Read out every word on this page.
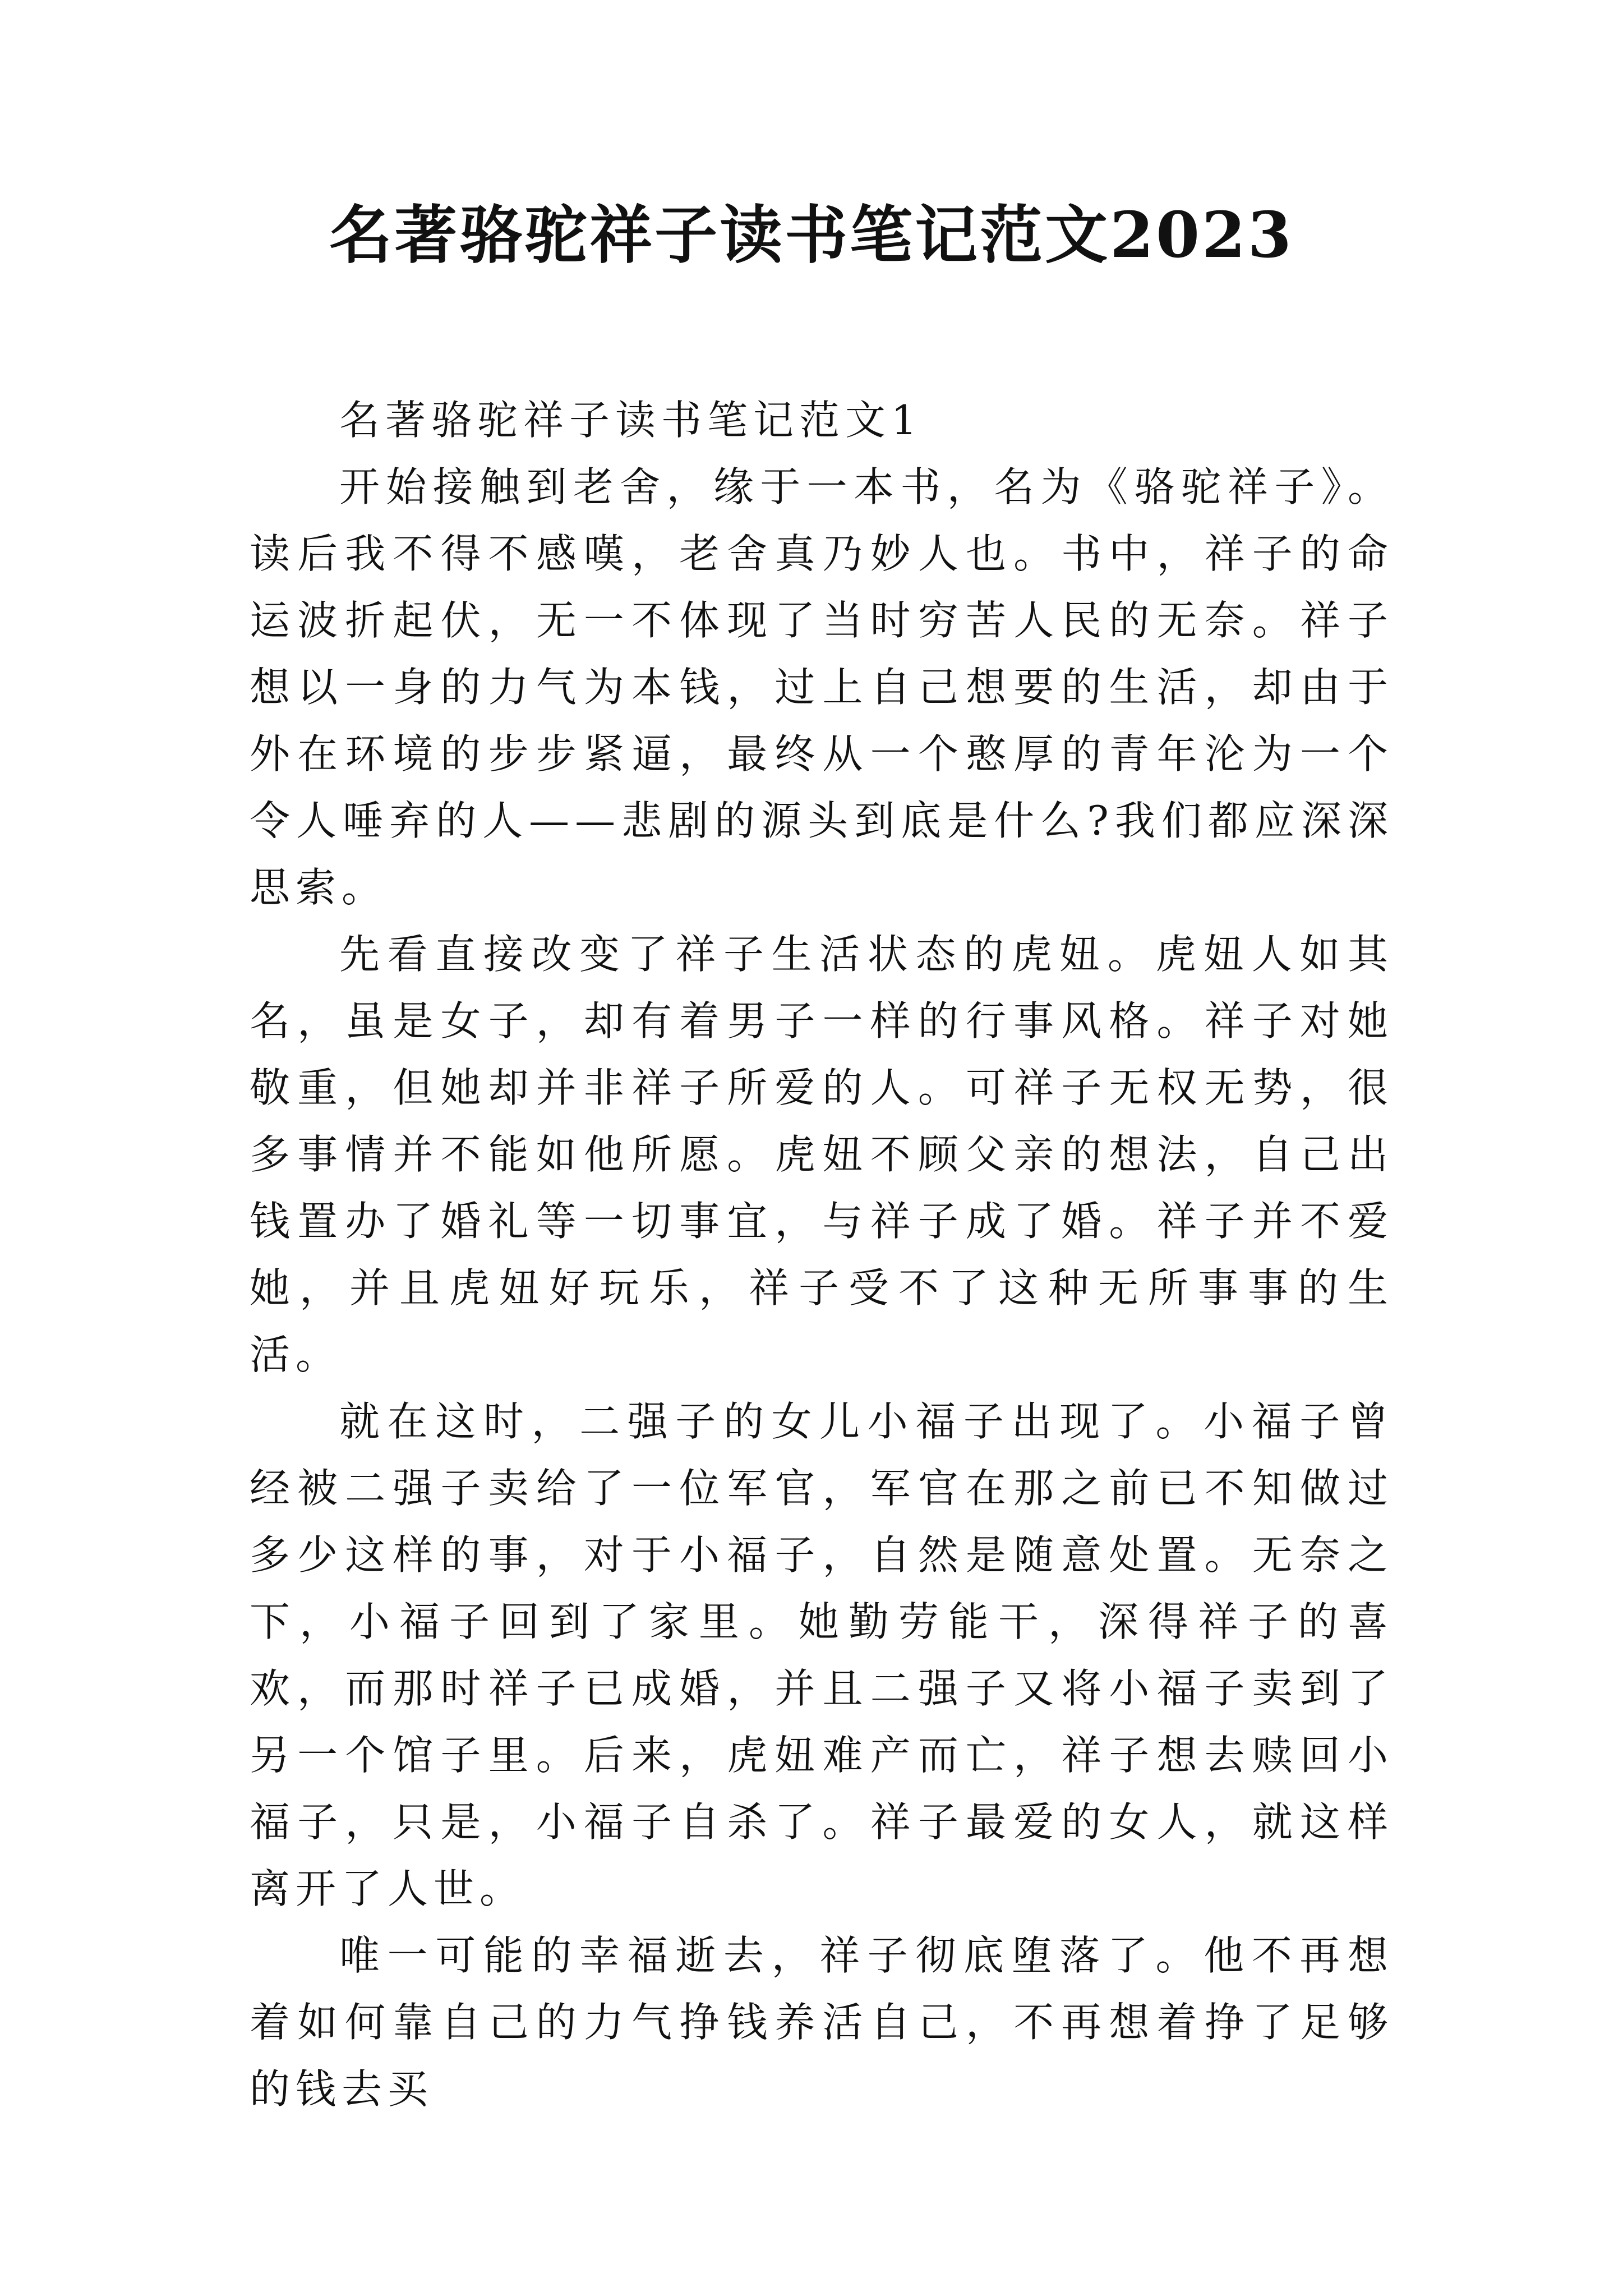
名著骆驼祥子读书笔记范文2023

名著骆驼祥子读书笔记范文1

开始接触到老舍，缘于一本书，名为《骆驼祥子》。读后我不得不感嘆，老舍真乃妙人也。书中，祥子的命运波折起伏，无一不体现了当时穷苦人民的无奈。祥子想以一身的力气为本钱，过上自己想要的生活，却由于外在环境的步步紧逼，最终从一个憨厚的青年沦为一个令人唾弃的人——悲剧的源头到底是什么?我们都应深深思索。

先看直接改变了祥子生活状态的虎妞。虎妞人如其名，虽是女子，却有着男子一样的行事风格。祥子对她敬重，但她却并非祥子所爱的人。可祥子无权无势，很多事情并不能如他所愿。虎妞不顾父亲的想法，自己出钱置办了婚礼等一切事宜，与祥子成了婚。祥子并不爱她，并且虎妞好玩乐，祥子受不了这种无所事事的生活。

就在这时，二强子的女儿小福子出现了。小福子曾经被二强子卖给了一位军官，军官在那之前已不知做过多少这样的事，对于小福子，自然是随意处置。无奈之下，小福子回到了家里。她勤劳能干，深得祥子的喜欢，而那时祥子已成婚，并且二强子又将小福子卖到了另一个馆子里。后来，虎妞难产而亡，祥子想去赎回小福子，只是，小福子自杀了。祥子最爱的女人，就这样离开了人世。

唯一可能的幸福逝去，祥子彻底堕落了。他不再想着如何靠自己的力气挣钱养活自己，不再想着挣了足够的钱去买
